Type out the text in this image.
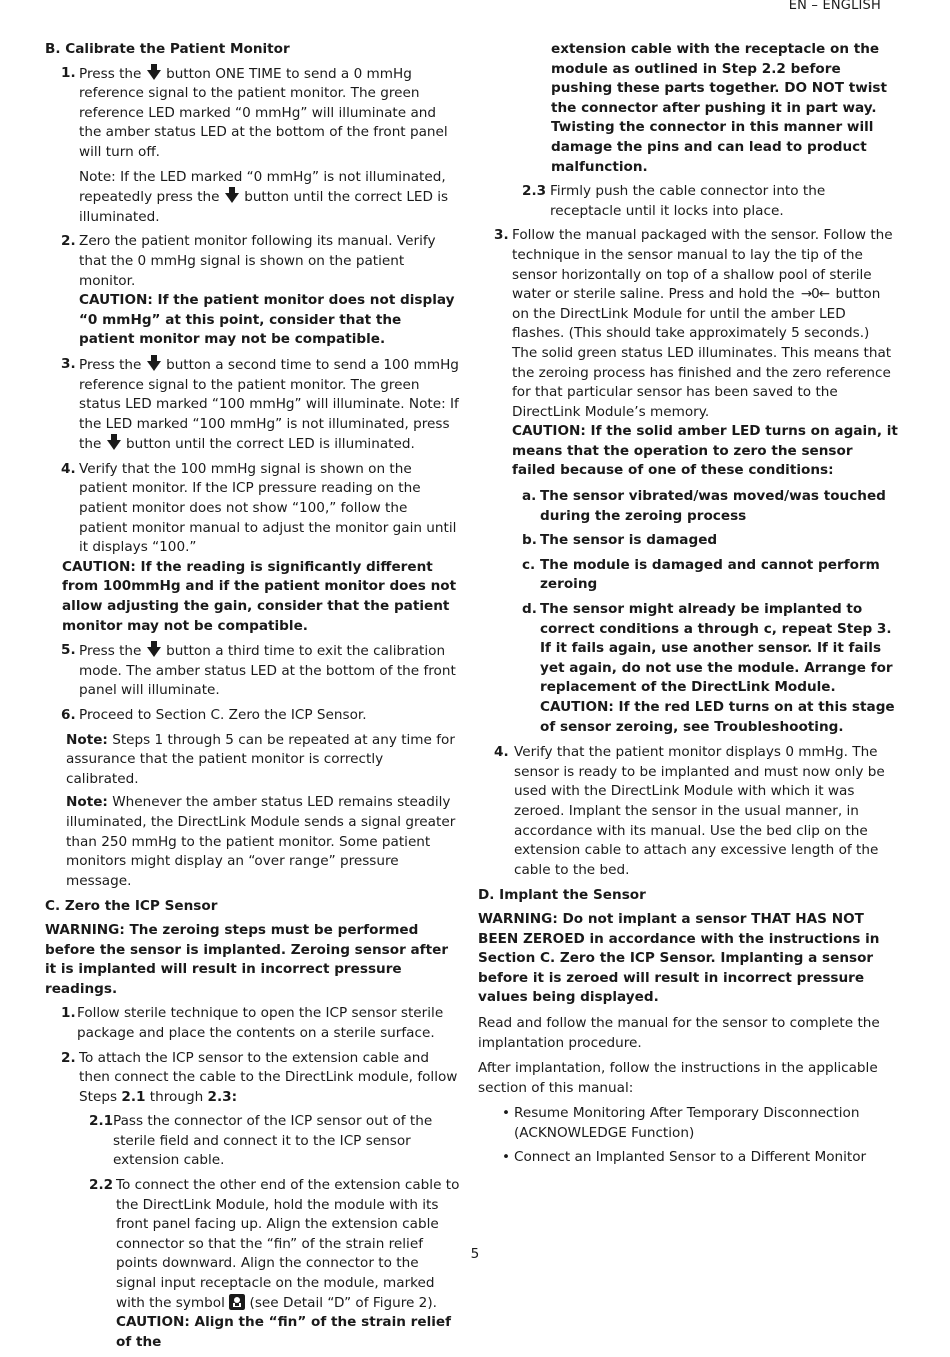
EN – ENGLISH
B. Calibrate the Patient Monitor
1. Press the button ONE TIME to send a 0 mmHg reference signal to the patient monitor. The green reference LED marked “0 mmHg” will illuminate and the amber status LED at the bottom of the front panel will turn off.

Note: If the LED marked “0 mmHg” is not illuminated, repeatedly press the button until the correct LED is illuminated.

2. Zero the patient monitor following its manual. Verify that the 0 mmHg signal is shown on the patient monitor.
CAUTION: If the patient monitor does not display “0 mmHg” at this point, consider that the patient monitor may not be compatible.
3. Press the button a second time to send a 100 mmHg reference signal to the patient monitor. The green status LED marked “100 mmHg” will illuminate. Note: If the LED marked “100 mmHg” is not illuminated, press the button until the correct LED is illuminated.
4. Verify that the 100 mmHg signal is shown on the patient monitor. If the ICP pressure reading on the patient monitor does not show “100,” follow the patient monitor manual to adjust the monitor gain until it displays “100.”

CAUTION: If the reading is significantly different from 100mmHg and if the patient monitor does not allow adjusting the gain, consider that the patient monitor may not be compatible.

5. Press the button a third time to exit the calibration mode. The amber status LED at the bottom of the front panel will illuminate.
6. Proceed to Section C. Zero the ICP Sensor.

Note: Steps 1 through 5 can be repeated at any time for assurance that the patient monitor is correctly calibrated.

Note: Whenever the amber status LED remains steadily illuminated, the DirectLink Module sends a signal greater than 250 mmHg to the patient monitor. Some patient monitors might display an “over range” pressure message.

C. Zero the ICP Sensor

WARNING: The zeroing steps must be performed before the sensor is implanted. Zeroing sensor after it is implanted will result in incorrect pressure readings.

1. Follow sterile technique to open the ICP sensor sterile package and place the contents on a sterile surface.
2. To attach the ICP sensor to the extension cable and then connect the cable to the DirectLink module, follow Steps 2.1 through 2.3:
2.1 Pass the connector of the ICP sensor out of the sterile field and connect it to the ICP sensor extension cable.
2.2 To connect the other end of the extension cable to the DirectLink Module, hold the module with its front panel facing up. Align the extension cable connector so that the “fin” of the strain relief points downward. Align the connector to the signal input receptacle on the module, marked with the symbol (see Detail “D” of Figure 2).
CAUTION: Align the “fin” of the strain relief of the

extension cable with the receptacle on the module as outlined in Step 2.2 before pushing these parts together. DO NOT twist the connector after pushing it in part way. Twisting the connector in this manner will damage the pins and can lead to product malfunction.

2.3 Firmly push the cable connector into the receptacle until it locks into place.
3. Follow the manual packaged with the sensor. Follow the technique in the sensor manual to lay the tip of the sensor horizontally on top of a shallow pool of sterile water or sterile saline. Press and hold the →0← button on the DirectLink Module for until the amber LED flashes. (This should take approximately 5 seconds.) The solid green status LED illuminates. This means that the zeroing process has finished and the zero reference for that particular sensor has been saved to the DirectLink Module’s memory.
CAUTION: If the solid amber LED turns on again, it means that the operation to zero the sensor failed because of one of these conditions:
a. The sensor vibrated/was moved/was touched during the zeroing process
b. The sensor is damaged
c. The module is damaged and cannot perform zeroing
d. The sensor might already be implanted to correct conditions a through c, repeat Step 3. If it fails again, use another sensor. If it fails yet again, do not use the module. Arrange for replacement of the DirectLink Module.
CAUTION: If the red LED turns on at this stage of sensor zeroing, see Troubleshooting.
4. Verify that the patient monitor displays 0 mmHg. The sensor is ready to be implanted and must now only be used with the DirectLink Module with which it was zeroed. Implant the sensor in the usual manner, in accordance with its manual. Use the bed clip on the extension cable to attach any excessive length of the cable to the bed.
D. Implant the Sensor

WARNING: Do not implant a sensor THAT HAS NOT BEEN ZEROED in accordance with the instructions in Section C. Zero the ICP Sensor. Implanting a sensor before it is zeroed will result in incorrect pressure values being displayed.

Read and follow the manual for the sensor to complete the implantation procedure.

After implantation, follow the instructions in the applicable section of this manual:

• Resume Monitoring After Temporary Disconnection (ACKNOWLEDGE Function)
• Connect an Implanted Sensor to a Different Monitor
5
